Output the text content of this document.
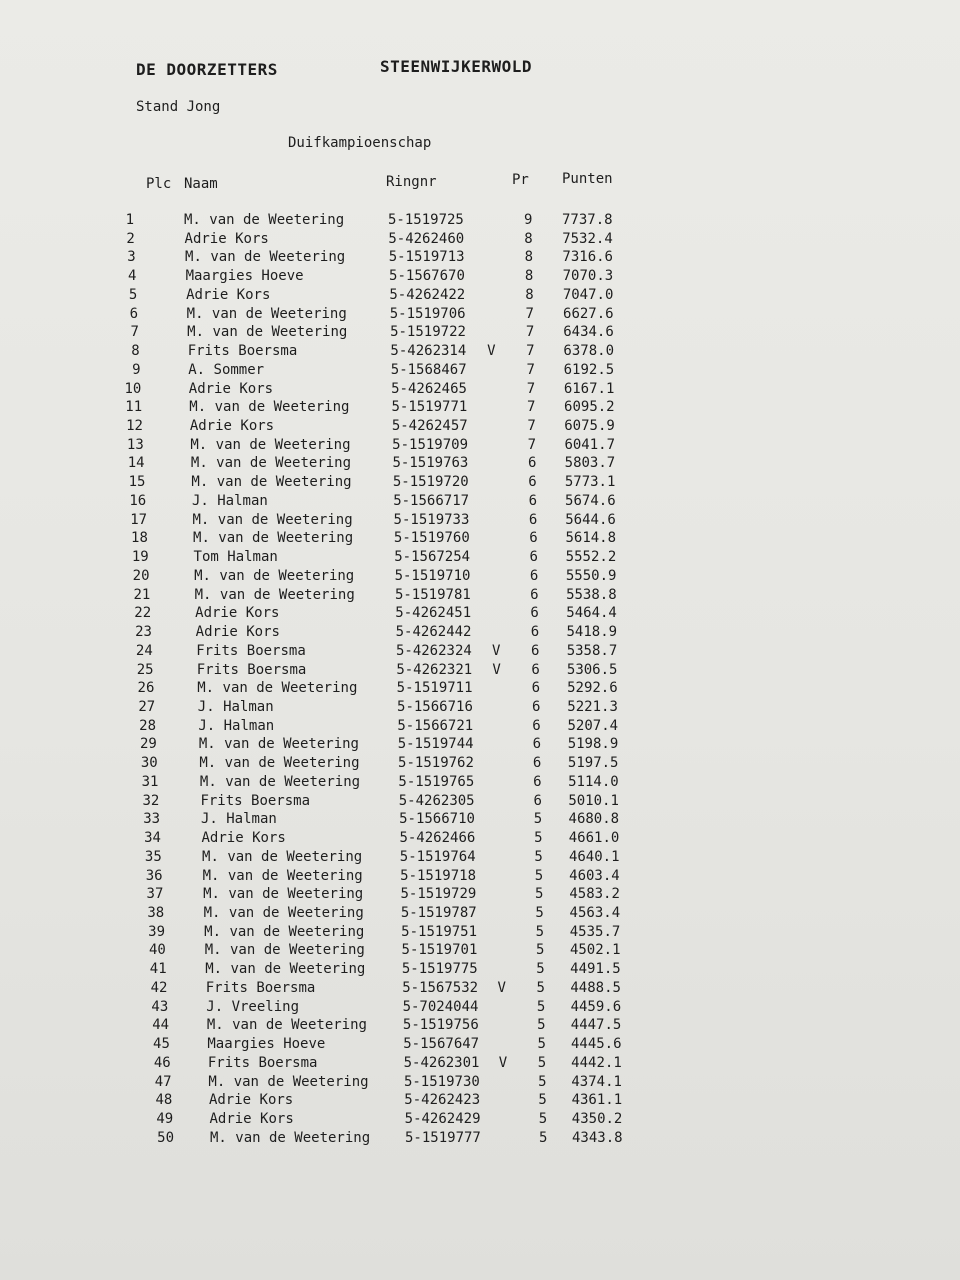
DE DOORZETTERS	STEENWIJKERWOLD
Stand Jong
Duifkampioenschap
Plc Naam	Ringnr	Pr Punten
1	M. van de Weetering	5-1519725	9 7737.8
2	Adrie Kors	5-4262460	8 7532.4
3	M. van de Weetering	5-1519713	8 7316.6
4	Maargies Hoeve	5-1567670	8 7070.3
5	Adrie Kors	5-4262422	8 7047.0
6	M. van de Weetering	5-1519706	7 6627.6
7	M. van de Weetering	5-1519722	7 6434.6
8	Frits Boersma	5-4262314 V 7 6378.0
9	A. Sommer	5-1568467	7 6192.5
10	Adrie Kors	5-4262465	7 6167.1
11	M. van de Weetering	5-1519771	7 6095.2
12	Adrie Kors	5-4262457	7 6075.9
13	M. van de Weetering	5-1519709	7 6041.7
14	M. van de Weetering	5-1519763	6 5803.7
15	M. van de Weetering	5-1519720	6 5773.1
16	J. Halman	5-1566717	6 5674.6
17	M. van de Weetering	5-1519733	6 5644.6
18	M. van de Weetering	5-1519760	6 5614.8
19	Tom Halman	5-1567254	6 5552.2
20	M. van de Weetering	5-1519710	6 5550.9
21	M. van de Weetering	5-1519781	6 5538.8
22	Adrie Kors	5-4262451	6 5464.4
23	Adrie Kors	5-4262442	6 5418.9
24	Frits Boersma	5-4262324 V 6 5358.7
25	Frits Boersma	5-4262321 V 6 5306.5
26	M. van de Weetering	5-1519711	6 5292.6
27	J. Halman	5-1566716	6 5221.3
28	J. Halman	5-1566721	6 5207.4
29	M. van de Weetering	5-1519744	6 5198.9
30	M. van de Weetering	5-1519762	6 5197.5
31	M. van de Weetering	5-1519765	6 5114.0
32	Frits Boersma	5-4262305	6 5010.1
33	J. Halman	5-1566710	5 4680.8
34	Adrie Kors	5-4262466	5 4661.0
35	M. van de Weetering	5-1519764	5 4640.1
36	M. van de Weetering	5-1519718	5 4603.4
37	M. van de Weetering	5-1519729	5 4583.2
38	M. van de Weetering	5-1519787	5 4563.4
39	M. van de Weetering	5-1519751	5 4535.7
40	M. van de Weetering	5-1519701	5 4502.1
41	M. van de Weetering	5-1519775	5 4491.5
42	Frits Boersma	5-1567532 V 5 4488.5
43	J. Vreeling	5-7024044	5 4459.6
44	M. van de Weetering	5-1519756	5 4447.5
45	Maargies Hoeve	5-1567647	5 4445.6
46	Frits Boersma	5-4262301 V 5 4442.1
47	M. van de Weetering	5-1519730	5 4374.1
48	Adrie Kors	5-4262423	5 4361.1
49	Adrie Kors	5-4262429	5 4350.2
50	M. van de Weetering 5-1519777	5 4343.8
